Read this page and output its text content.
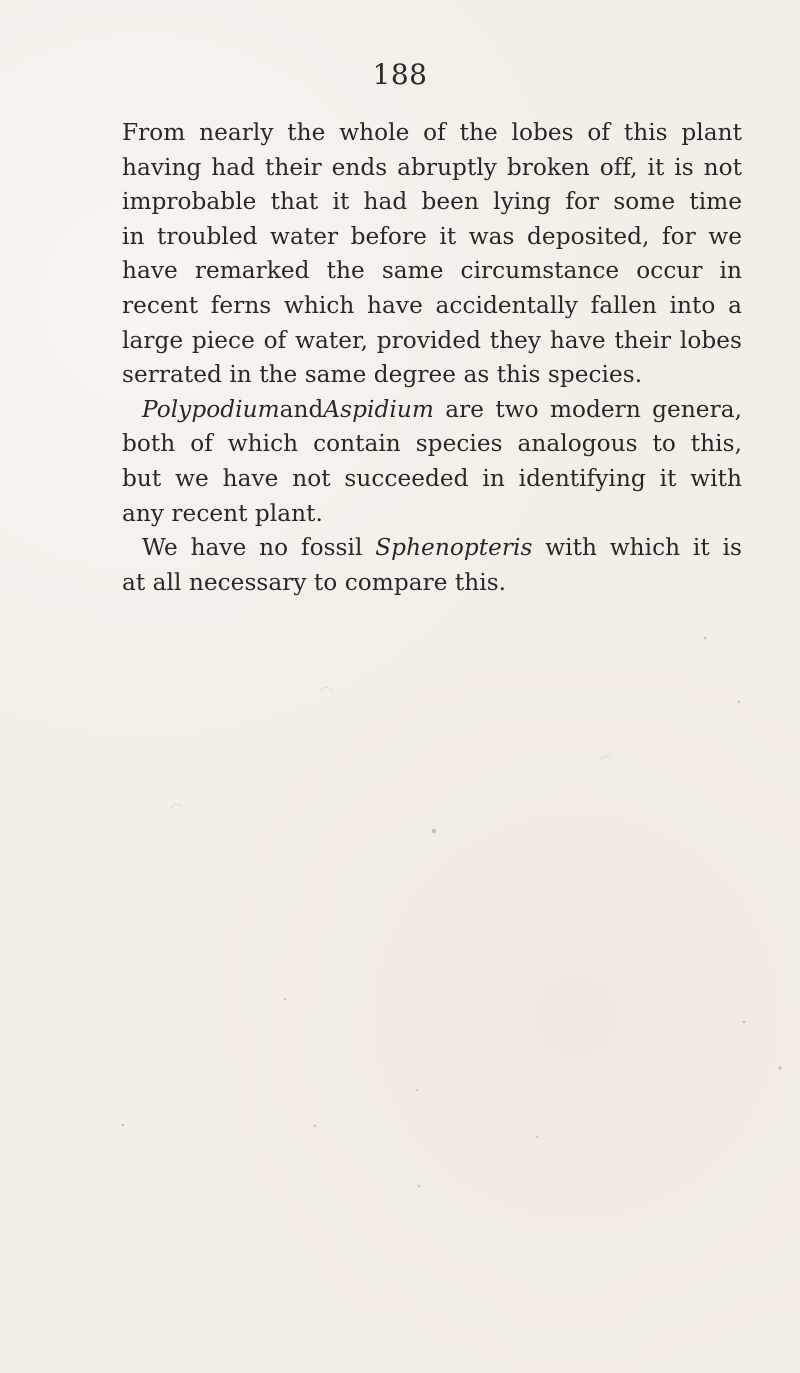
188
From nearly the whole of the lobes of this plant
having had their ends abruptly broken off, it is not
improbable that it had been lying for some time
in troubled water before it was deposited, for we
have remarked the same circumstance occur in
recent ferns which have accidentally fallen into a
large piece of water, provided they have their lobes
serrated in the same degree as this species.
PolypodiumandAspidium are two modern genera,
both of which contain species analogous to this,
but we have not succeeded in identifying it with
any recent plant.
We have no fossil Sphenopteris with which it is
at all necessary to compare this.
